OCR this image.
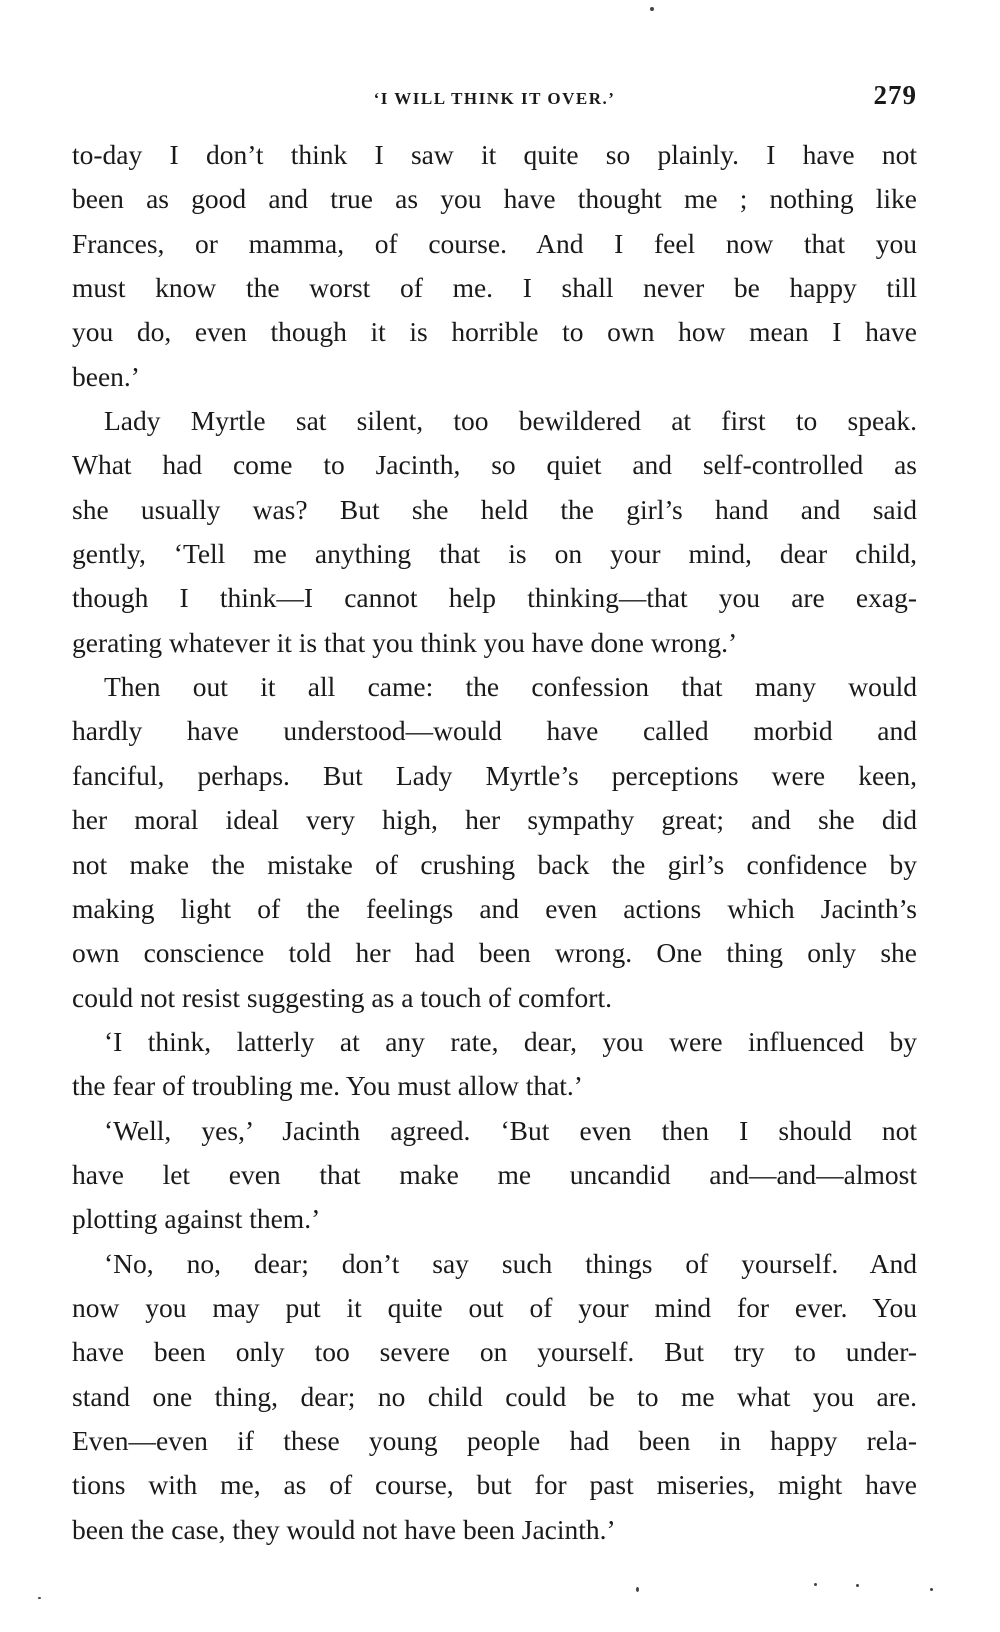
‘I WILL THINK IT OVER.’	279
to-day I don’t think I saw it quite so plainly. I have not
been as good and true as you have thought me ; nothing like
Frances, or mamma, of course. And I feel now that you
must know the worst of me. I shall never be happy till
you do, even though it is horrible to own how mean I have
been.’
Lady Myrtle sat silent, too bewildered at first to speak.
What had come to Jacinth, so quiet and self-controlled as
she usually was? But she held the girl’s hand and said
gently, ‘Tell me anything that is on your mind, dear child,
though I think—I cannot help thinking—that you are exag-
gerating whatever it is that you think you have done wrong.’
Then out it all came: the confession that many would
hardly have understood—would have called morbid and
fanciful, perhaps. But Lady Myrtle’s perceptions were keen,
her moral ideal very high, her sympathy great; and she did
not make the mistake of crushing back the girl’s confidence by
making light of the feelings and even actions which Jacinth’s
own conscience told her had been wrong. One thing only she
could not resist suggesting as a touch of comfort.
‘I think, latterly at any rate, dear, you were influenced by
the fear of troubling me. You must allow that.’
‘Well, yes,’ Jacinth agreed. ‘But even then I should not
have let even that make me uncandid and—and—almost
plotting against them.’
‘No, no, dear; don’t say such things of yourself. And
now you may put it quite out of your mind for ever. You
have been only too severe on yourself. But try to under-
stand one thing, dear; no child could be to me what you are.
Even—even if these young people had been in happy rela-
tions with me, as of course, but for past miseries, might have
been the case, they would not have been Jacinth.’
